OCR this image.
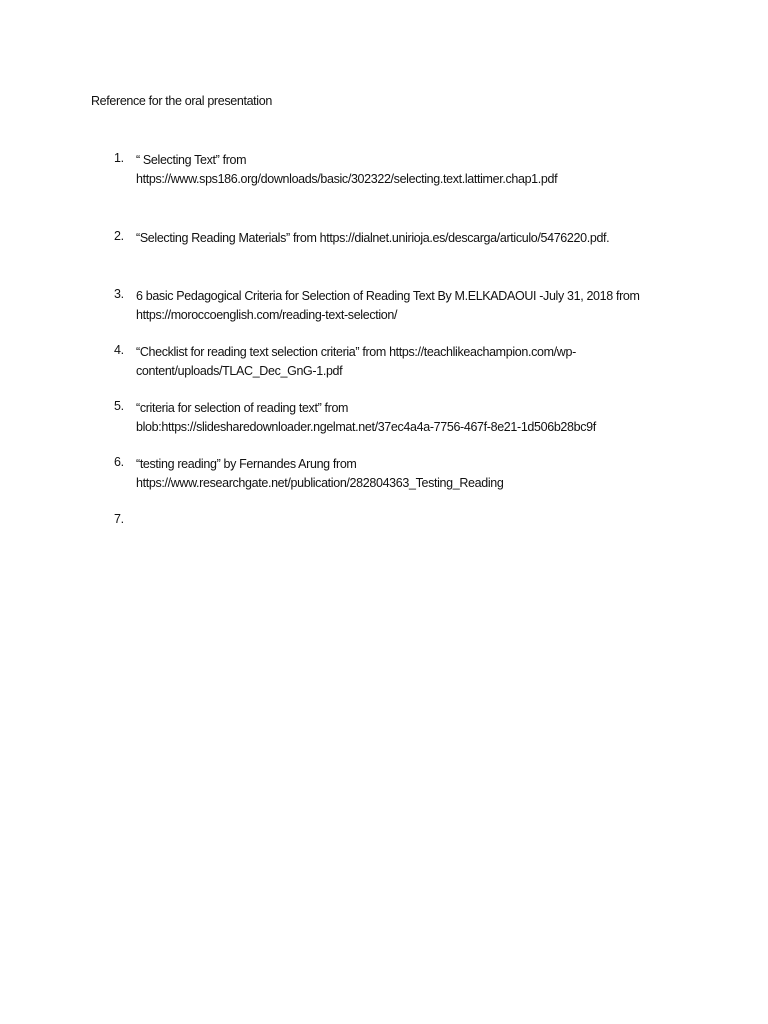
Reference for the oral presentation
1. “ Selecting Text” from
https://www.sps186.org/downloads/basic/302322/selecting.text.lattimer.chap1.pdf
2. “Selecting Reading Materials” from https://dialnet.unirioja.es/descarga/articulo/5476220.pdf.
3. 6 basic Pedagogical Criteria for Selection of Reading Text By M.ELKADAOUI -July 31, 2018 from
https://moroccoenglish.com/reading-text-selection/
4. “Checklist for reading text selection criteria” from https://teachlikeachampion.com/wp-
content/uploads/TLAC_Dec_GnG-1.pdf
5. “criteria for selection of reading text” from
blob:https://slidesharedownloader.ngelmat.net/37ec4a4a-7756-467f-8e21-1d506b28bc9f
6. “testing reading” by Fernandes Arung from
https://www.researchgate.net/publication/282804363_Testing_Reading
7.
